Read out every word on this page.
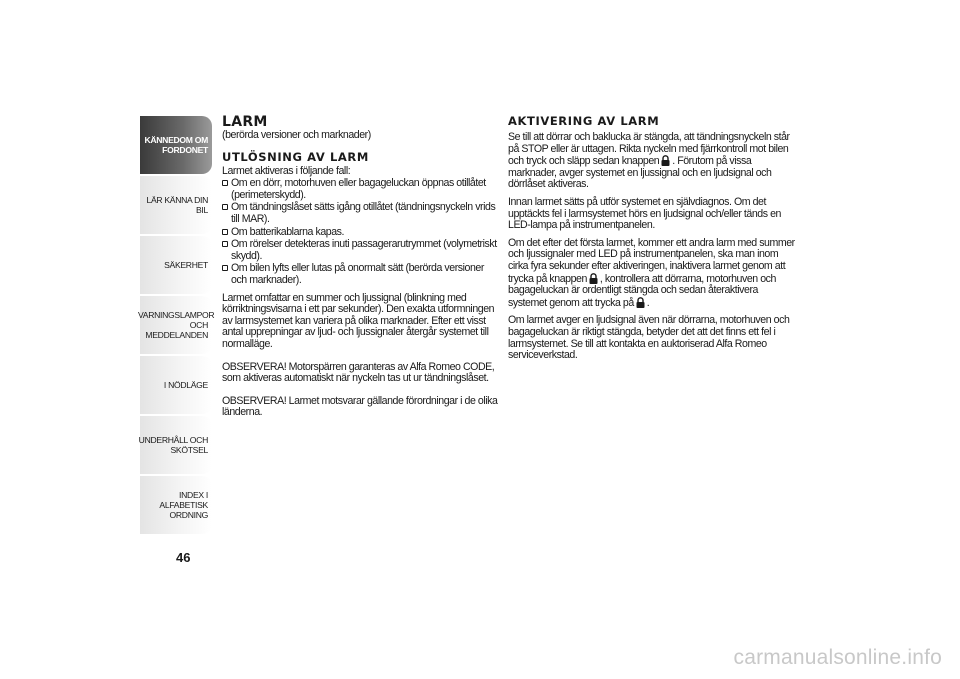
KÄNNEDOM OM
FORDONET
LÄR KÄNNA DIN BIL
SÄKERHET
VARNINGSLAMPOR
OCH MEDDELANDEN
I NÖDLÄGE
UNDERHÅLL OCH
SKÖTSEL
INDEX I ALFABETISK
ORDNING
46
LARM

(berörda versioner och marknader)

UTLÖSNING AV LARM

Larmet aktiveras i följande fall:

Om en dörr, motorhuven eller bagageluckan öppnas otillåtet (perimeterskydd).
Om tändningslåset sätts igång otillåtet (tändningsnyckeln vrids till MAR).
Om batterikablarna kapas.
Om rörelser detekteras inuti passagerarutrymmet (volymetriskt skydd).
Om bilen lyfts eller lutas på onormalt sätt (berörda versioner och marknader).

Larmet omfattar en summer och ljussignal (blinkning med körriktningsvisarna i ett par sekunder). Den exakta utformningen av larmsystemet kan variera på olika marknader. Efter ett visst antal upprepningar av ljud- och ljussignaler återgår systemet till normalläge.

OBSERVERA! Motorspärren garanteras av Alfa Romeo CODE, som aktiveras automatiskt när nyckeln tas ut ur tändningslåset.

OBSERVERA! Larmet motsvarar gällande förordningar i de olika länderna.

AKTIVERING AV LARM

Se till att dörrar och baklucka är stängda, att tändningsnyckeln står på STOP eller är uttagen. Rikta nyckeln med fjärrkontroll mot bilen och tryck och släpp sedan knappen . Förutom på vissa marknader, avger systemet en ljussignal och en ljudsignal och dörrlåset aktiveras.

Innan larmet sätts på utför systemet en självdiagnos. Om det upptäckts fel i larmsystemet hörs en ljudsignal och/eller tänds en LED-lampa på instrumentpanelen.

Om det efter det första larmet, kommer ett andra larm med summer och ljussignaler med LED på instrumentpanelen, ska man inom cirka fyra sekunder efter aktiveringen, inaktivera larmet genom att trycka på knappen , kontrollera att dörrarna, motorhuven och bagageluckan är ordentligt stängda och sedan återaktivera systemet genom att trycka på .

Om larmet avger en ljudsignal även när dörrarna, motorhuven och bagageluckan är riktigt stängda, betyder det att det finns ett fel i larmsystemet. Se till att kontakta en auktoriserad Alfa Romeo serviceverkstad.

carmanualsonline.info
